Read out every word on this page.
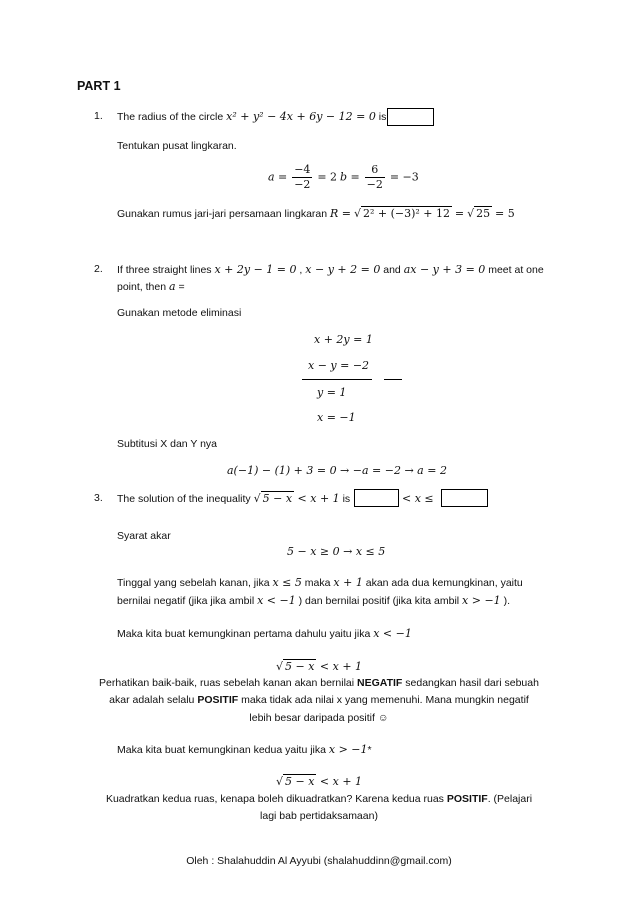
PART 1
1. The radius of the circle x² + y² − 4x + 6y − 12 = 0 is
Tentukan pusat lingkaran.
$a = \frac{-4}{-2} = 2$ $b = \frac{6}{-2} = -3$
Gunakan rumus jari-jari persamaan lingkaran R = √ 2² + (−3)² + 12 = √ 25 = 5
2. If three straight lines x + 2y − 1 = 0 , x − y + 2 = 0 and ax − y + 3 = 0 meet at one
point, then a =
Gunakan metode eliminasi
x + 2y = 1
x − y = −2
y = 1
x = −1
Subtitusi X dan Y nya
a(−1) − (1) + 3 = 0 → −a = −2 → a = 2
3. The solution of the inequality √ 5 − x < x + 1 is	< x ≤
Syarat akar
5 − x ≥ 0 → x ≤ 5
Tinggal yang sebelah kanan, jika x ≤ 5 maka x + 1 akan ada dua kemungkinan, yaitu
bernilai negatif (jika jika ambil x < −1 ) dan bernilai positif (jika kita ambil x > −1 ).
Maka kita buat kemungkinan pertama dahulu yaitu jika x < −1
√ 5 − x < x + 1
Perhatikan baik-baik, ruas sebelah kanan akan bernilai NEGATIF sedangkan hasil dari sebuah
akar adalah selalu POSITIF maka tidak ada nilai x yang memenuhi. Mana mungkin negatif
lebih besar daripada positif ☺
Maka kita buat kemungkinan kedua yaitu jika x > −1*
√ 5 − x < x + 1
Kuadratkan kedua ruas, kenapa boleh dikuadratkan? Karena kedua ruas POSITIF. (Pelajari
lagi bab pertidaksamaan)
Oleh : Shalahuddin Al Ayyubi (shalahuddinn@gmail.com)
